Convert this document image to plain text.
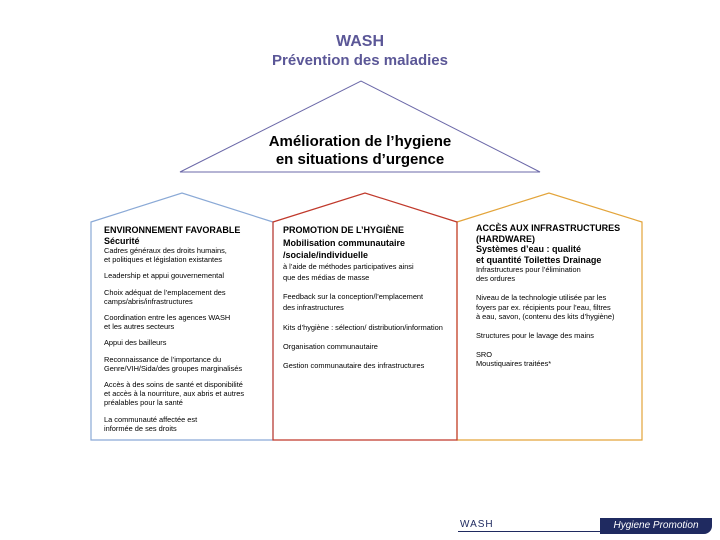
WASH
Prévention des maladies
Amélioration de l’hygiene
en situations d’urgence
ENVIRONNEMENT FAVORABLE
Sécurité

Cadres généraux des droits humains,

et politiques et législation existantes

Leadership et appui gouvernemental

Choix adéquat de l’emplacement des

camps/abris/infrastructures

Coordination entre les agences WASH

et les autres secteurs

Appui des bailleurs

Reconnaissance de l’importance du

Genre/VIH/Sida/des groupes marginalisés

Accès à des soins de santé et disponibilité

et accès à la nourriture, aux abris et autres

préalables pour la santé

La communauté affectée est

informée de ses droits

PROMOTION DE L’HYGIÈNE

Mobilisation communautaire

/sociale/individuelle

à l’aide de méthodes participatives ainsi

que des médias de masse

Feedback sur la conception/l’emplacement

des infrastructures

Kits d’hygiène : sélection/ distribution/information

Organisation communautaire

Gestion communautaire des infrastructures

ACCÈS AUX INFRASTRUCTURES

(HARDWARE)

Systèmes d’eau : qualité

et quantité Toilettes Drainage

Infrastructures pour l’élimination

des ordures

Niveau de la technologie utilisée par les

foyers par ex. récipients pour l’eau, filtres

à eau, savon, (contenu des kits d’hygiène)

Structures pour le lavage des mains

SRO

Moustiquaires traitées*

WASH	Hygiene Promotion
